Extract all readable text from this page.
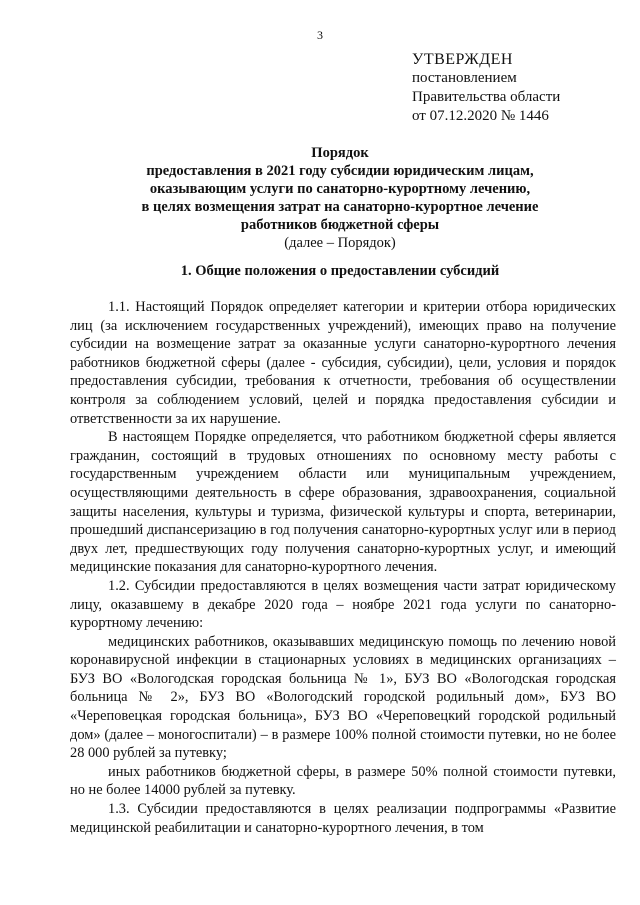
3
УТВЕРЖДЕН
постановлением
Правительства области
от 07.12.2020 № 1446
Порядок
предоставления в 2021 году субсидии юридическим лицам,
оказывающим услуги по санаторно-курортному лечению,
в целях возмещения затрат на санаторно-курортное лечение
работников бюджетной сферы
(далее – Порядок)
1. Общие положения о предоставлении субсидий

1.1. Настоящий Порядок определяет категории и критерии отбора юридических лиц (за исключением государственных учреждений), имеющих право на получение субсидии на возмещение затрат за оказанные услуги санаторно-курортного лечения работников бюджетной сферы (далее - субсидия, субсидии), цели, условия и порядок предоставления субсидии, требования к отчетности, требования об осуществлении контроля за соблюдением условий, целей и порядка предоставления субсидии и ответственности за их нарушение.

В настоящем Порядке определяется, что работником бюджетной сферы является гражданин, состоящий в трудовых отношениях по основному месту работы с государственным учреждением области или муниципальным учреждением, осуществляющими деятельность в сфере образования, здравоохранения, социальной защиты населения, культуры и туризма, физической культуры и спорта, ветеринарии, прошедший диспансеризацию в год получения санаторно-курортных услуг или в период двух лет, предшествующих году получения санаторно-курортных услуг, и имеющий медицинские показания для санаторно-курортного лечения.

1.2. Субсидии предоставляются в целях возмещения части затрат юридическому лицу, оказавшему в декабре 2020 года – ноябре 2021 года услуги по санаторно-курортному лечению:

медицинских работников, оказывавших медицинскую помощь по лечению новой коронавирусной инфекции в стационарных условиях в медицинских организациях – БУЗ ВО «Вологодская городская больница № 1», БУЗ ВО «Вологодская городская больница № 2», БУЗ ВО «Вологодский городской родильный дом», БУЗ ВО «Череповецкая городская больница», БУЗ ВО «Череповецкий городской родильный дом» (далее – моногоспитали) – в размере 100% полной стоимости путевки, но не более 28 000 рублей за путевку;

иных работников бюджетной сферы, в размере 50% полной стоимости путевки, но не более 14000 рублей за путевку.

1.3. Субсидии предоставляются в целях реализации подпрограммы «Развитие медицинской реабилитации и санаторно-курортного лечения, в том
